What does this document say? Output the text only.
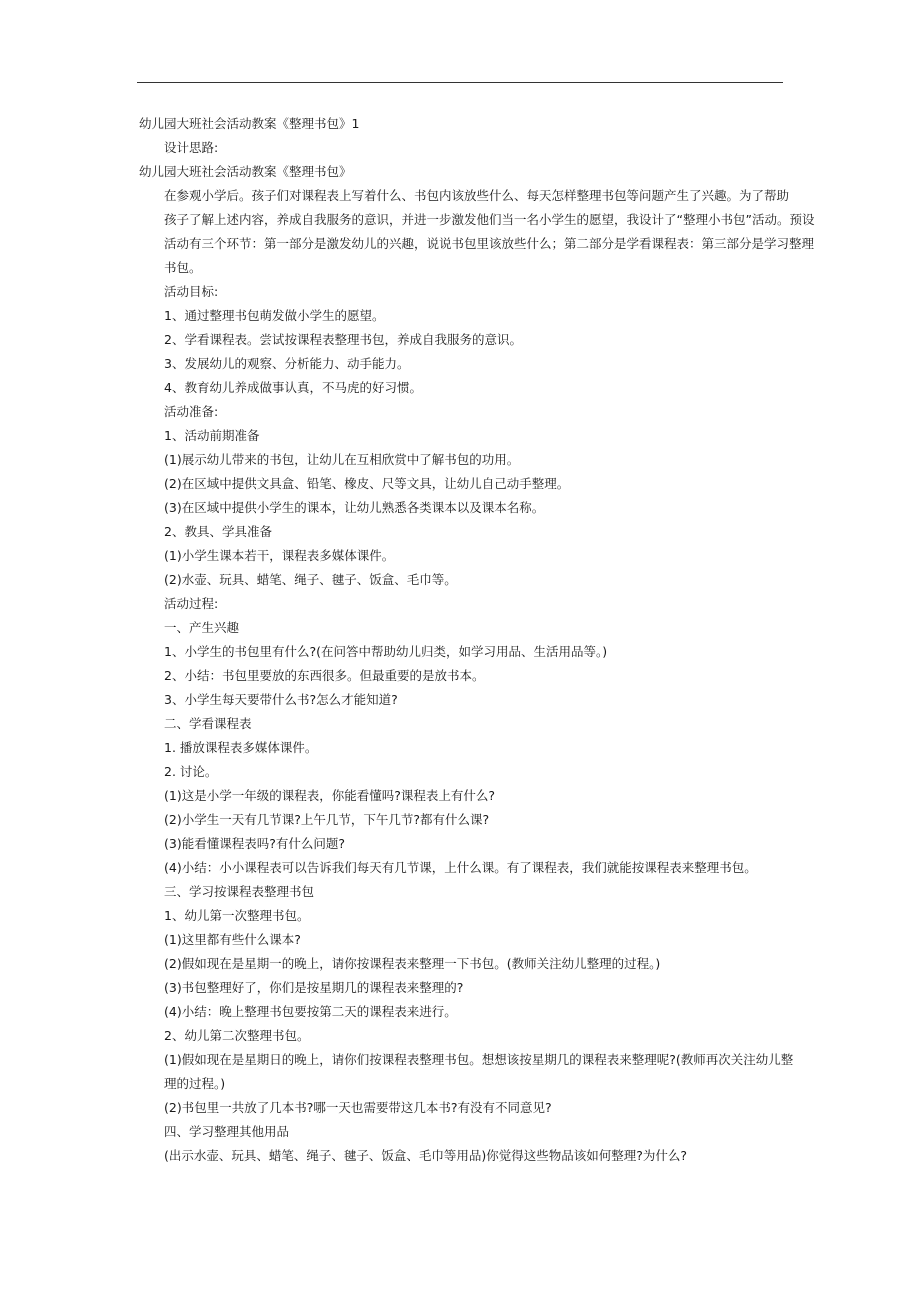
幼儿园大班社会活动教案《整理书包》1
设计思路:
幼儿园大班社会活动教案《整理书包》
在参观小学后。孩子们对课程表上写着什么、书包内该放些什么、每天怎样整理书包等问题产生了兴趣。为了帮助
孩子了解上述内容，养成自我服务的意识，并进一步激发他们当一名小学生的愿望，我设计了“整理小书包”活动。预设
活动有三个环节：第一部分是激发幼儿的兴趣，说说书包里该放些什么；第二部分是学看课程表：第三部分是学习整理
书包。
活动目标:
1、通过整理书包萌发做小学生的愿望。
2、学看课程表。尝试按课程表整理书包，养成自我服务的意识。
3、发展幼儿的观察、分析能力、动手能力。
4、教育幼儿养成做事认真，不马虎的好习惯。
活动准备:
1、活动前期准备
(1)展示幼儿带来的书包，让幼儿在互相欣赏中了解书包的功用。
(2)在区域中提供文具盒、铅笔、橡皮、尺等文具，让幼儿自己动手整理。
(3)在区域中提供小学生的课本，让幼儿熟悉各类课本以及课本名称。
2、教具、学具准备
(1)小学生课本若干，课程表多媒体课件。
(2)水壶、玩具、蜡笔、绳子、毽子、饭盒、毛巾等。
活动过程:
一、产生兴趣
1、小学生的书包里有什么?(在问答中帮助幼儿归类，如学习用品、生活用品等。)
2、小结：书包里要放的东西很多。但最重要的是放书本。
3、小学生每天要带什么书?怎么才能知道?
二、学看课程表
1. 播放课程表多媒体课件。
2. 讨论。
(1)这是小学一年级的课程表，你能看懂吗?课程表上有什么?
(2)小学生一天有几节课?上午几节，下午几节?都有什么课?
(3)能看懂课程表吗?有什么问题?
(4)小结：小小课程表可以告诉我们每天有几节课，上什么课。有了课程表，我们就能按课程表来整理书包。
三、学习按课程表整理书包
1、幼儿第一次整理书包。
(1)这里都有些什么课本?
(2)假如现在是星期一的晚上，请你按课程表来整理一下书包。(教师关注幼儿整理的过程。)
(3)书包整理好了，你们是按星期几的课程表来整理的?
(4)小结：晚上整理书包要按第二天的课程表来进行。
2、幼儿第二次整理书包。
(1)假如现在是星期日的晚上，请你们按课程表整理书包。想想该按星期几的课程表来整理呢?(教师再次关注幼儿整
理的过程。)
(2)书包里一共放了几本书?哪一天也需要带这几本书?有没有不同意见?
四、学习整理其他用品
(出示水壶、玩具、蜡笔、绳子、毽子、饭盒、毛巾等用品)你觉得这些物品该如何整理?为什么?
